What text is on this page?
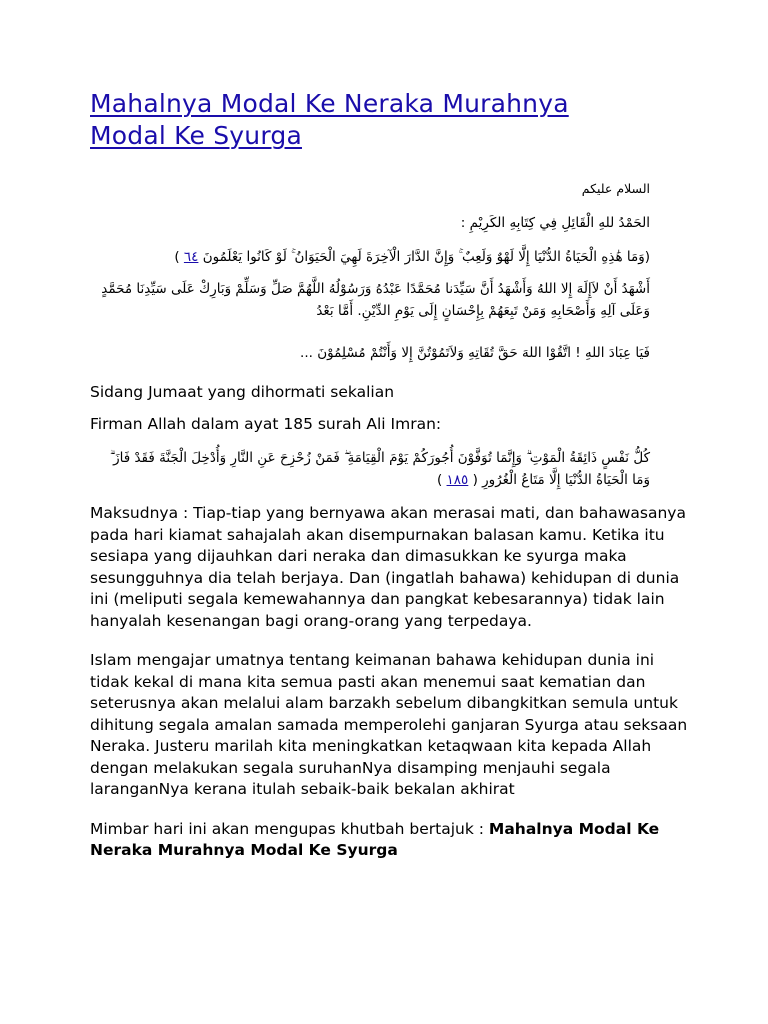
Mahalnya Modal Ke Neraka Murahnya
Modal Ke Syurga

السلام عليكم

الحَمْدُ للهِ الْقَائِلِ فِي كِتَابِهِ الكَرِيْمِ :

(وَمَا هَٰذِهِ الْحَيَاةُ الدُّنْيَا إِلَّا لَهْوٌ وَلَعِبٌ ۚ وَإِنَّ الدَّارَ الْآخِرَةَ لَهِيَ الْحَيَوَانُ ۚ لَوْ كَانُوا يَعْلَمُونَ ٦٤ )

أَشْهَدُ أَنْ لاَإِلَهَ إِلا اللهُ وَأَشْهَدُ أَنَّ سَيِّدَنا مُحَمَّدًا عَبْدُهُ وَرَسُوْلُهُ اللَّهُمَّ صَلِّ وَسَلِّمْ وَبَارِكْ عَلَى سَيِّدِنَا مُحَمَّدٍ وَعَلَى آلِهِ وَأَصْحَابِهِ وَمَنْ تَبِعَهُمْ بِإِحْسَانٍ إِلَى يَوْمِ الدِّيْنِ. أَمَّا بَعْدُ

فَيَا عِبَادَ اللهِ ! اتَّقُوْا اللهَ حَقَّ تُقَاتِهِ وَلاَتَمُوْتُنَّ إِلا وَأَنْتُمْ مُسْلِمُوْنَ ...

Sidang Jumaat yang dihormati sekalian

Firman Allah dalam ayat 185 surah Ali Imran:

كُلُّ نَفْسٍ ذَائِقَةُ الْمَوْتِ ۗ وَإِنَّمَا تُوَفَّوْنَ أُجُورَكُمْ يَوْمَ الْقِيَامَةِ ۖ فَمَنْ زُحْزِحَ عَنِ النَّارِ وَأُدْخِلَ الْجَنَّةَ فَقَدْ فَازَ ۗ وَمَا الْحَيَاةُ الدُّنْيَا إِلَّا مَتَاعُ الْغُرُورِ ( ١٨٥ )

Maksudnya : Tiap-tiap yang bernyawa akan merasai mati, dan bahawasanya pada hari kiamat sahajalah akan disempurnakan balasan kamu. Ketika itu sesiapa yang dijauhkan dari neraka dan dimasukkan ke syurga maka sesungguhnya dia telah berjaya. Dan (ingatlah bahawa) kehidupan di dunia ini (meliputi segala kemewahannya dan pangkat kebesarannya) tidak lain hanyalah kesenangan bagi orang-orang yang terpedaya.

Islam mengajar umatnya tentang keimanan bahawa kehidupan dunia ini tidak kekal di mana kita semua pasti akan menemui saat kematian dan seterusnya akan melalui alam barzakh sebelum dibangkitkan semula untuk dihitung segala amalan samada memperolehi ganjaran Syurga atau seksaan Neraka. Justeru marilah kita meningkatkan ketaqwaan kita kepada Allah dengan melakukan segala suruhanNya disamping menjauhi segala laranganNya kerana itulah sebaik-baik bekalan akhirat

Mimbar hari ini akan mengupas khutbah bertajuk : Mahalnya Modal Ke Neraka Murahnya Modal Ke Syurga
